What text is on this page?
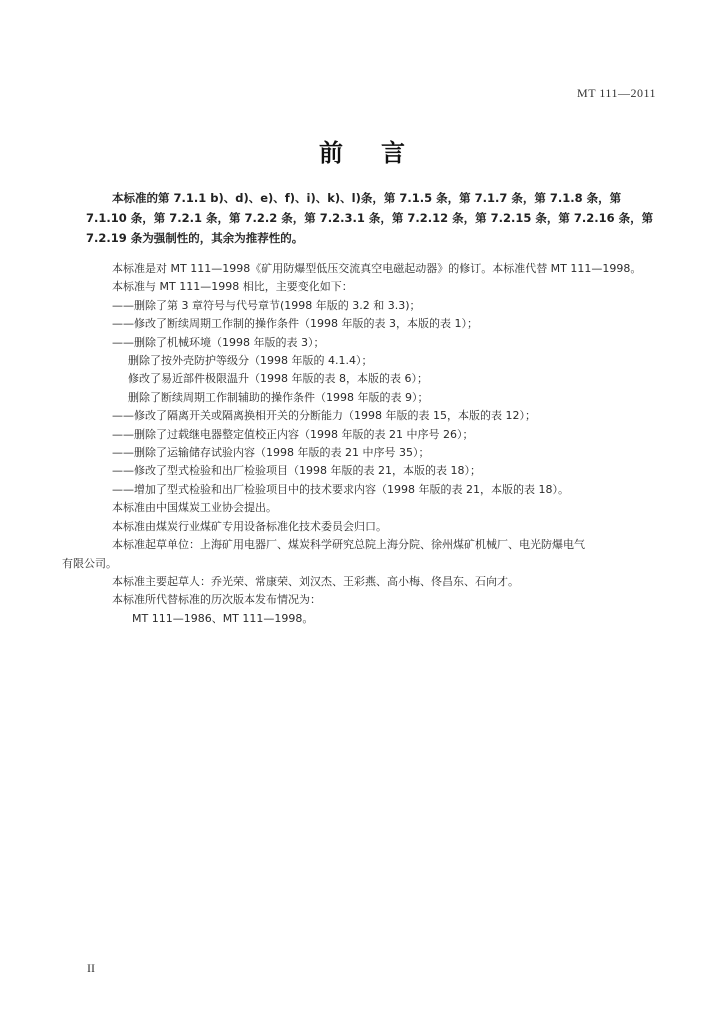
MT 111—2011
前言
本标准的第 7.1.1 b)、d)、e)、f)、i)、k)、l)条，第 7.1.5 条，第 7.1.7 条，第 7.1.8 条，第
7.1.10 条，第 7.2.1 条，第 7.2.2 条，第 7.2.3.1 条，第 7.2.12 条，第 7.2.15 条，第 7.2.16 条，第
7.2.19 条为强制性的，其余为推荐性的。
本标准是对 MT 111—1998《矿用防爆型低压交流真空电磁起动器》的修订。本标准代替 MT 111—1998。
本标准与 MT 111—1998 相比，主要变化如下：
——删除了第 3 章符号与代号章节(1998 年版的 3.2 和 3.3)；
——修改了断续周期工作制的操作条件（1998 年版的表 3，本版的表 1）；
——删除了机械环境（1998 年版的表 3）；
删除了按外壳防护等级分（1998 年版的 4.1.4）；
修改了易近部件极限温升（1998 年版的表 8，本版的表 6）；
删除了断续周期工作制辅助的操作条件（1998 年版的表 9）；
——修改了隔离开关或隔离换相开关的分断能力（1998 年版的表 15，本版的表 12）；
——删除了过载继电器整定值校正内容（1998 年版的表 21 中序号 26）；
——删除了运输储存试验内容（1998 年版的表 21 中序号 35）；
——修改了型式检验和出厂检验项目（1998 年版的表 21，本版的表 18）；
——增加了型式检验和出厂检验项目中的技术要求内容（1998 年版的表 21，本版的表 18）。
本标准由中国煤炭工业协会提出。
本标准由煤炭行业煤矿专用设备标准化技术委员会归口。
本标准起草单位：上海矿用电器厂、煤炭科学研究总院上海分院、徐州煤矿机械厂、电光防爆电气
有限公司。
本标准主要起草人：乔光荣、常康荣、刘汉杰、王彩燕、高小梅、佟昌东、石向才。
本标准所代替标准的历次版本发布情况为：
MT 111—1986、MT 111—1998。
II
